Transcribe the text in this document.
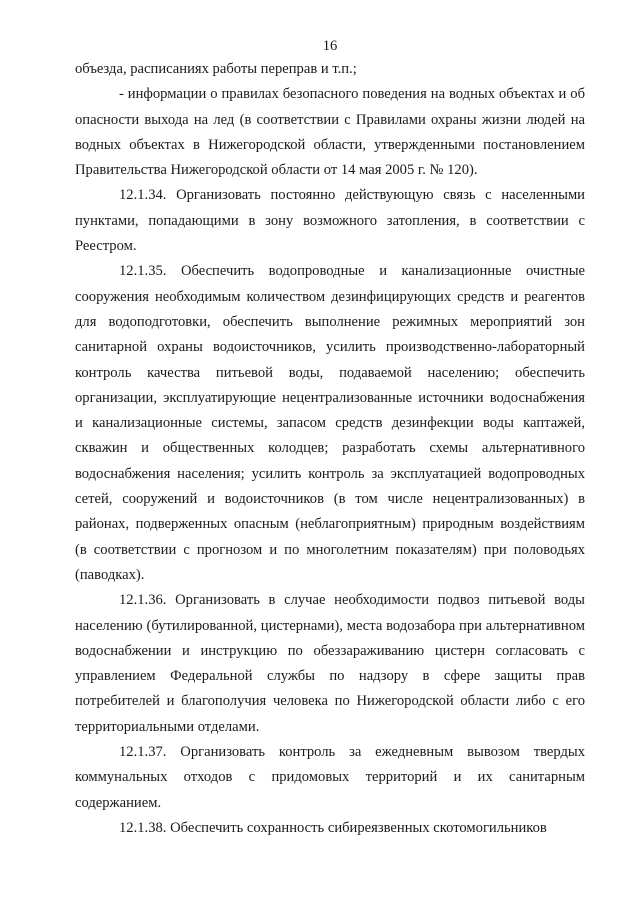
16

объезда, расписаниях работы переправ и т.п.;

- информации о правилах безопасного поведения на водных объектах и об опасности выхода на лед (в соответствии с Правилами охраны жизни людей на водных объектах в Нижегородской области, утвержденными постановлением Правительства Нижегородской области от 14 мая 2005 г. № 120).

12.1.34. Организовать постоянно действующую связь с населенными пунктами, попадающими в зону возможного затопления, в соответствии с Реестром.

12.1.35. Обеспечить водопроводные и канализационные очистные сооружения необходимым количеством дезинфицирующих средств и реагентов для водоподготовки, обеспечить выполнение режимных мероприятий зон санитарной охраны водоисточников, усилить производственно-лабораторный контроль качества питьевой воды, подаваемой населению; обеспечить организации, эксплуатирующие нецентрализованные источники водоснабжения и канализационные системы, запасом средств дезинфекции воды каптажей, скважин и общественных колодцев; разработать схемы альтернативного водоснабжения населения; усилить контроль за эксплуатацией водопроводных сетей, сооружений и водоисточников (в том числе нецентрализованных) в районах, подверженных опасным (неблагоприятным) природным воздействиям (в соответствии с прогнозом и по многолетним показателям) при половодьях (паводках).

12.1.36. Организовать в случае необходимости подвоз питьевой воды населению (бутилированной, цистернами), места водозабора при альтернативном водоснабжении и инструкцию по обеззараживанию цистерн согласовать с управлением Федеральной службы по надзору в сфере защиты прав потребителей и благополучия человека по Нижегородской области либо с его территориальными отделами.

12.1.37. Организовать контроль за ежедневным вывозом твердых коммунальных отходов с придомовых территорий и их санитарным содержанием.

12.1.38. Обеспечить сохранность сибиреязвенных скотомогильников
